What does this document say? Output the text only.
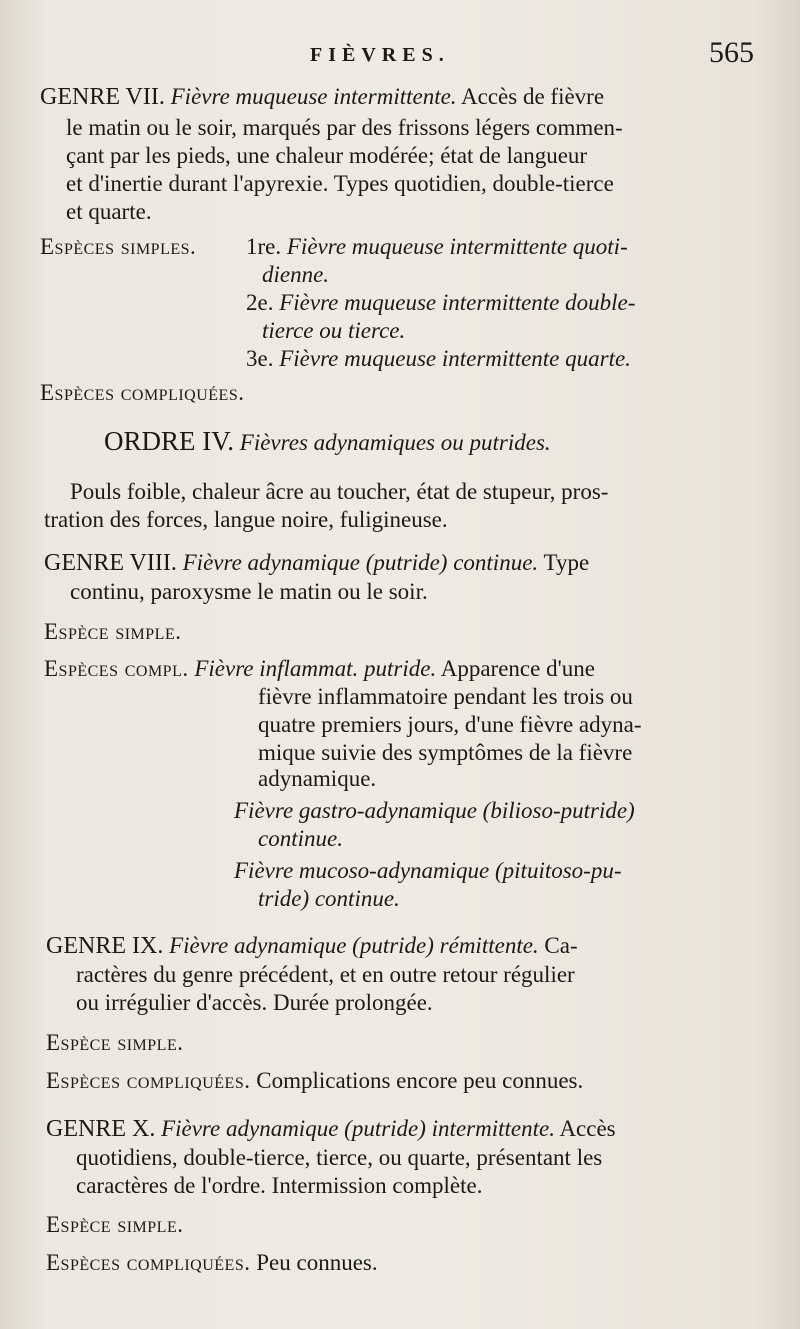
FIÈVRES.	565
GENRE VII. Fièvre muqueuse intermittente. Accès de fièvre
le matin ou le soir, marqués par des frissons légers commen-
çant par les pieds, une chaleur modérée; état de langueur
et d'inertie durant l'apyrexie. Types quotidien, double-tierce
et quarte.
Espèces simples. 1re. Fièvre muqueuse intermittente quoti-
dienne.
2e. Fièvre muqueuse intermittente double-
tierce ou tierce.
3e. Fièvre muqueuse intermittente quarte.
Espèces compliquées.
ORDRE IV. Fièvres adynamiques ou putrides.
Pouls foible, chaleur âcre au toucher, état de stupeur, pros-
tration des forces, langue noire, fuligineuse.
GENRE VIII. Fièvre adynamique (putride) continue. Type
continu, paroxysme le matin ou le soir.
Espèce simple.
Espèces compl. Fièvre inflammat. putride. Apparence d'une
fièvre inflammatoire pendant les trois ou
quatre premiers jours, d'une fièvre adyna-
mique suivie des symptômes de la fièvre
adynamique.
Fièvre gastro-adynamique (bilioso-putride)
continue.
Fièvre mucoso-adynamique (pituitoso-pu-
tride) continue.
GENRE IX. Fièvre adynamique (putride) rémittente. Ca-
ractères du genre précédent, et en outre retour régulier
ou irrégulier d'accès. Durée prolongée.
Espèce simple.
Espèces compliquées. Complications encore peu connues.
GENRE X. Fièvre adynamique (putride) intermittente. Accès
quotidiens, double-tierce, tierce, ou quarte, présentant les
caractères de l'ordre. Intermission complète.
Espèce simple.
Espèces compliquées. Peu connues.
